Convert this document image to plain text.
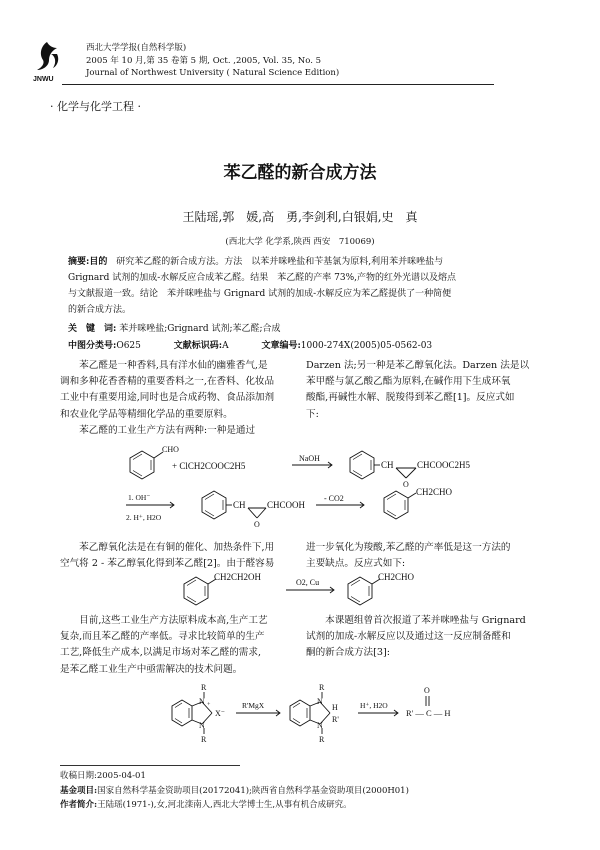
JNWU
西北大学学报(自然科学版)
2005 年 10 月,第 35 卷第 5 期, Oct. ,2005, Vol. 35, No. 5
Journal of Northwest University ( Natural Science Edition)
· 化学与化学工程 ·
苯乙醛的新合成方法
王陆瑶,郭　媛,高　勇,李剑利,白银娟,史　真
(西北大学 化学系,陕西 西安　710069)
摘要:目的 研究苯乙醛的新合成方法。方法　以苯并咪唑盐和苄基氯为原料,利用苯并咪唑盐与
Grignard 试剂的加成-水解反应合成苯乙醛。结果　苯乙醛的产率 73%,产物的红外光谱以及熔点
与文献报道一致。结论　苯并咪唑盐与 Grignard 试剂的加成-水解反应为苯乙醛提供了一种简便
的新合成方法。
关　键　词: 苯并咪唑盐;Grignard 试剂;苯乙醛;合成
中图分类号:O625	文献标识码:A	文章编号:1000-274X(2005)05-0562-03
　　苯乙醛是一种香料,具有洋水仙的幽雅香气,是
调和多种花香香精的重要香料之一,在香料、化妆品
工业中有重要用途,同时也是合成药物、食品添加剂
和农业化学品等精细化学品的重要原料。
　　苯乙醛的工业生产方法有两种:一种是通过
Darzen 法;另一种是苯乙醇氧化法。Darzen 法是以
苯甲醛与氯乙酸乙酯为原料,在碱作用下生成环氧
酸酯,再碱性水解、脱羧得到苯乙醛[1]。反应式如
下:
CHO
+ ClCH2COOC2H5
NaOH
CH	CHCOOC2H5
O
1. OH⁻
2. H⁺, H2O
CH CHCOOH
O
- CO2
CH2CHO
　　苯乙醇氧化法是在有铜的催化、加热条件下,用
空气将 2 - 苯乙醇氧化得到苯乙醛[2]。由于醛容易
进一步氧化为羧酸,苯乙醛的产率低是这一方法的
主要缺点。反应式如下:
CH2CH2OH
O2, Cu
CH2CHO
　　目前,这些工业生产方法原料成本高,生产工艺
复杂,而且苯乙醛的产率低。寻求比较简单的生产
工艺,降低生产成本,以满足市场对苯乙醛的需求,
是苯乙醛工业生产中亟需解决的技术问题。
　　本课题组曾首次报道了苯并咪唑盐与 Grignard
试剂的加成-水解反应以及通过这一反应制备醛和
酮的新合成方法[3]:
R
N +
X⁻
N
R
R'MgX
R
N
H
R'
N
R
H⁺, H2O
O
R' — C — H
收稿日期:2005-04-01
基金项目:国家自然科学基金资助项目(20172041);陕西省自然科学基金资助项目(2000H01)
作者简介:王陆瑶(1971-),女,河北滦南人,西北大学博士生,从事有机合成研究。
